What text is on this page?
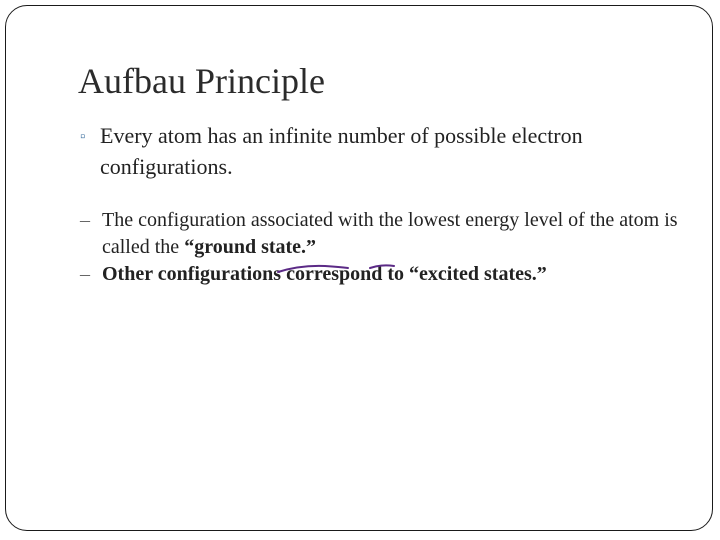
Aufbau Principle
▫ Every atom has an infinite number of possible electron
configurations.
– The configuration associated with the lowest energy level of the atom is called the “ground state.”
– Other configurations correspond to “excited states.”
